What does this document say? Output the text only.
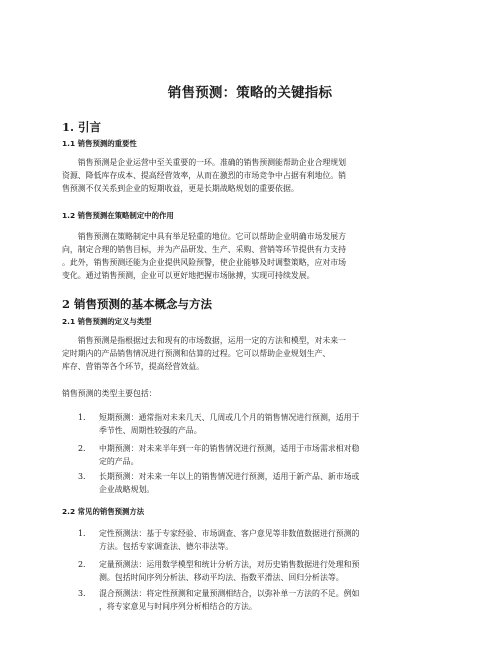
销售预测：策略的关键指标
1. 引言
1.1 销售预测的重要性
　　销售预测是企业运营中至关重要的一环。准确的销售预测能帮助企业合理规划
资源、降低库存成本、提高经营效率，从而在激烈的市场竞争中占据有利地位。销
售预测不仅关系到企业的短期收益，更是长期战略规划的重要依据。
1.2 销售预测在策略制定中的作用
　　销售预测在策略制定中具有举足轻重的地位。它可以帮助企业明确市场发展方
向，制定合理的销售目标，并为产品研发、生产、采购、营销等环节提供有力支持
。此外，销售预测还能为企业提供风险预警，使企业能够及时调整策略，应对市场
变化。通过销售预测，企业可以更好地把握市场脉搏，实现可持续发展。
2 销售预测的基本概念与方法
2.1 销售预测的定义与类型
　　销售预测是指根据过去和现有的市场数据，运用一定的方法和模型，对未来一
定时期内的产品销售情况进行预测和估算的过程。它可以帮助企业规划生产、
库存、营销等各个环节，提高经营效益。
销售预测的类型主要包括：
1. 短期预测：通常指对未来几天、几周或几个月的销售情况进行预测，适用于
季节性、周期性较强的产品。
2. 中期预测：对未来半年到一年的销售情况进行预测，适用于市场需求相对稳
定的产品。
3. 长期预测：对未来一年以上的销售情况进行预测，适用于新产品、新市场或
企业战略规划。
2.2 常见的销售预测方法
1. 定性预测法：基于专家经验、市场调查、客户意见等非数值数据进行预测的
方法。包括专家调查法、德尔菲法等。
2. 定量预测法：运用数学模型和统计分析方法，对历史销售数据进行处理和预
测。包括时间序列分析法、移动平均法、指数平滑法、回归分析法等。
3. 混合预测法：将定性预测和定量预测相结合，以弥补单一方法的不足。例如
，将专家意见与时间序列分析相结合的方法。
